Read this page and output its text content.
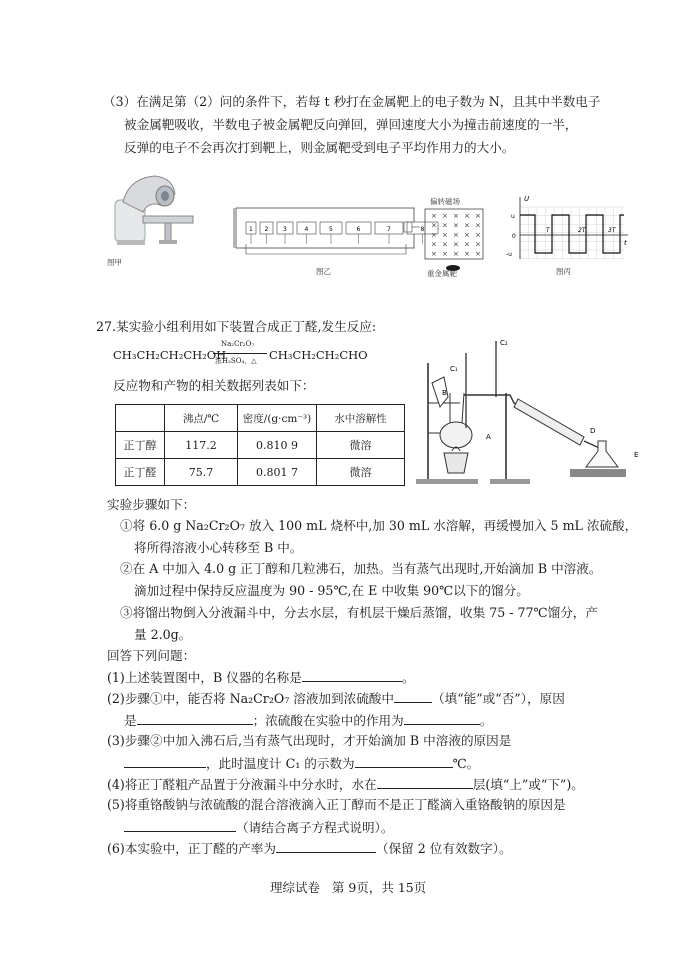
（3）在满足第（2）问的条件下，若每 t 秒打在金属靶上的电子数为 N，且其中半数电子
被金属靶吸收，半数电子被金属靶反向弹回，弹回速度大小为撞击前速度的一半，
反弹的电子不会再次打到靶上，则金属靶受到电子平均作用力的大小。
图甲
1 2 3	4	5	6	7	8
图乙
偏转磁场
× × × × ×
× × × × ×
× × × × ×
× × × × ×
× × × × ×
重金属靶
U
t
u
0
-u
T	2T	3T
图丙
27.某实验小组利用如下装置合成正丁醛,发生反应:
CH₃CH₂CH₂CH₂OH
Na₂Cr₂O₇
浓H₂SO₄，△ CH₃CH₂CH₂CHO
反应物和产物的相关数据列表如下：
	沸点/℃	密度/(g·cm⁻³)	水中溶解性
正丁醇	117.2	0.810 9	微溶
正丁醛	75.7	0.801 7	微溶
C₁
C₂
B
A
D
E
实验步骤如下：
①将 6.0 g Na₂Cr₂O₇ 放入 100 mL 烧杯中,加 30 mL 水溶解，再缓慢加入 5 mL 浓硫酸，
将所得溶液小心转移至 B 中。
②在 A 中加入 4.0 g 正丁醇和几粒沸石，加热。当有蒸气出现时,开始滴加 B 中溶液。
滴加过程中保持反应温度为 90 - 95℃,在 E 中收集 90℃以下的馏分。
③将馏出物倒入分液漏斗中，分去水层，有机层干燥后蒸馏，收集 75 - 77℃馏分，产
量 2.0g。
回答下列问题：
(1)上述装置图中，B 仪器的名称是	。
(2)步骤①中，能否将 Na₂Cr₂O₇ 溶液加到浓硫酸中	（填“能”或“否”），原因
是	；浓硫酸在实验中的作用为	。
(3)步骤②中加入沸石后,当有蒸气出现时，才开始滴加 B 中溶液的原因是
，此时温度计 C₁ 的示数为	℃。
(4)将正丁醛粗产品置于分液漏斗中分水时，水在	层(填“上”或“下”)。
(5)将重铬酸钠与浓硫酸的混合溶液滴入正丁醇而不是正丁醛滴入重铬酸钠的原因是
（请结合离子方程式说明）。
(6)本实验中，正丁醛的产率为	（保留 2 位有效数字）。
理综试卷   第 9页，共 15页
